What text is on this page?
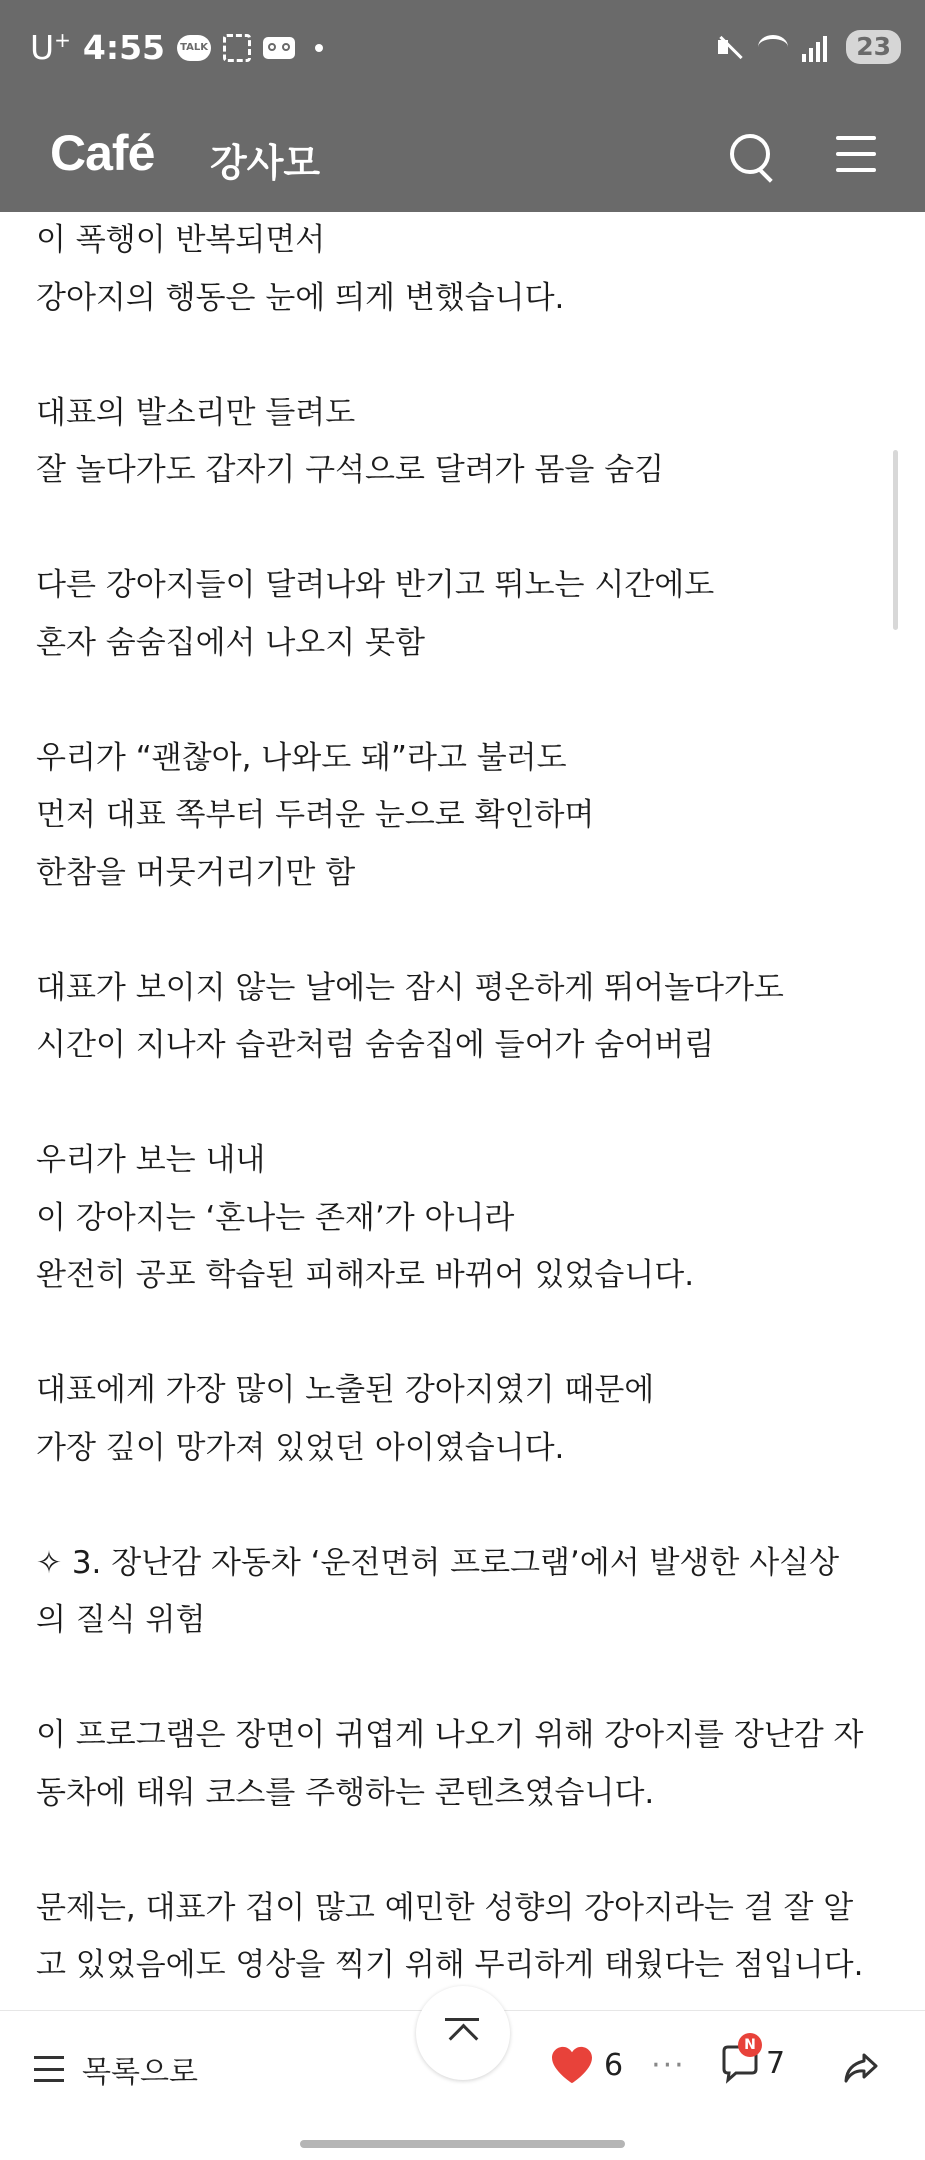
U+ 4:55	TALK	23
Café 강사모

이 폭행이 반복되면서

강아지의 행동은 눈에 띄게 변했습니다.

대표의 발소리만 들려도

잘 놀다가도 갑자기 구석으로 달려가 몸을 숨김

다른 강아지들이 달려나와 반기고 뛰노는 시간에도

혼자 숨숨집에서 나오지 못함

우리가 “괜찮아, 나와도 돼”라고 불러도

먼저 대표 쪽부터 두려운 눈으로 확인하며

한참을 머뭇거리기만 함

대표가 보이지 않는 날에는 잠시 평온하게 뛰어놀다가도

시간이 지나자 습관처럼 숨숨집에 들어가 숨어버림

우리가 보는 내내

이 강아지는 ‘혼나는 존재’가 아니라

완전히 공포 학습된 피해자로 바뀌어 있었습니다.

대표에게 가장 많이 노출된 강아지였기 때문에

가장 깊이 망가져 있었던 아이였습니다.

✧ 3. 장난감 자동차 ‘운전면허 프로그램’에서 발생한 사실상

의 질식 위험

이 프로그램은 장면이 귀엽게 나오기 위해 강아지를 장난감 자

동차에 태워 코스를 주행하는 콘텐츠였습니다.

문제는, 대표가 겁이 많고 예민한 성향의 강아지라는 걸 잘 알

고 있었음에도 영상을 찍기 위해 무리하게 태웠다는 점입니다.

목록으로	6 ···
N
7
